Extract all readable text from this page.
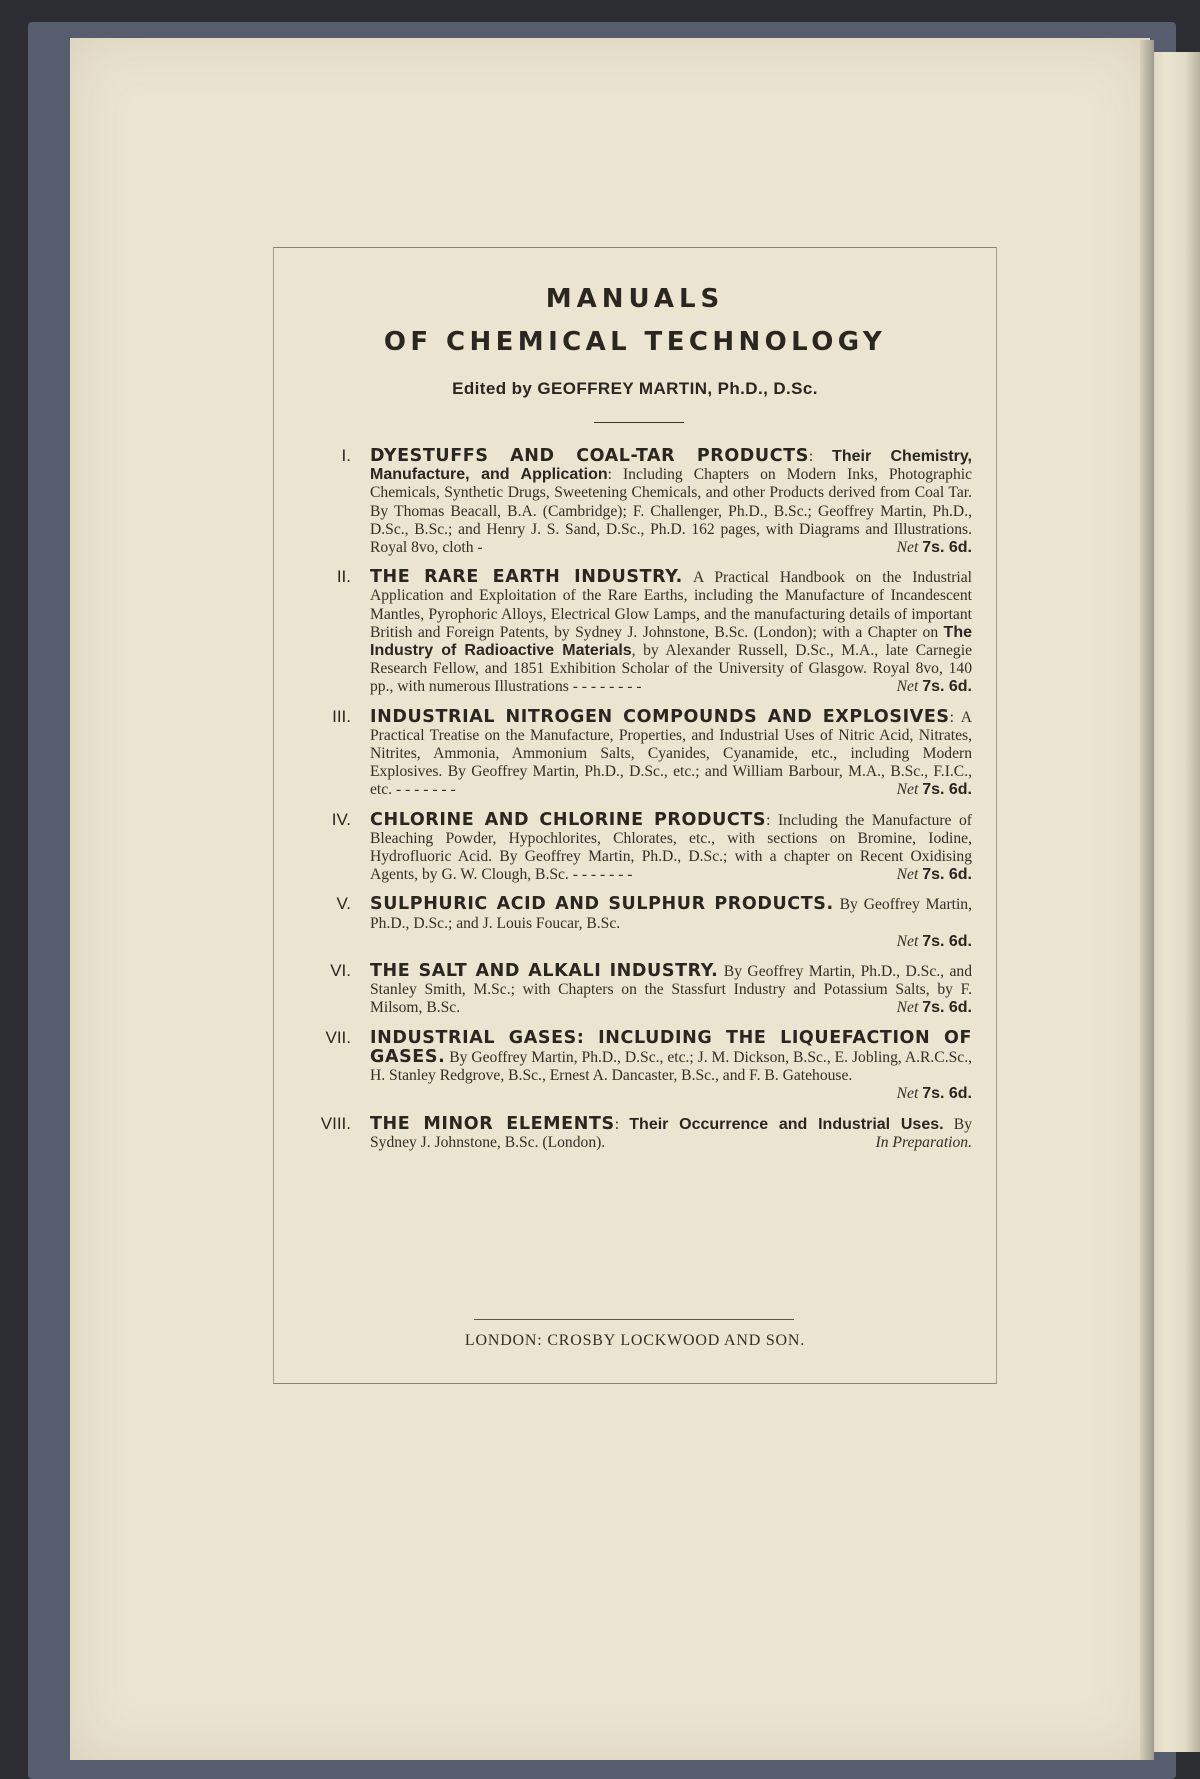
MANUALS
OF CHEMICAL TECHNOLOGY
Edited by GEOFFREY MARTIN, Ph.D., D.Sc.
I. DYESTUFFS AND COAL-TAR PRODUCTS: Their Chemistry, Manufacture, and Application: Including Chapters on Modern Inks, Photographic Chemicals, Synthetic Drugs, Sweetening Chemicals, and other Products derived from Coal Tar. By Thomas Beacall, B.A. (Cambridge); F. Challenger, Ph.D., B.Sc.; Geoffrey Martin, Ph.D., D.Sc., B.Sc.; and Henry J. S. Sand, D.Sc., Ph.D. 162 pages, with Diagrams and Illustrations. Royal 8vo, cloth -	Net 7s. 6d.
II. THE RARE EARTH INDUSTRY. A Practical Handbook on the Industrial Application and Exploitation of the Rare Earths, including the Manufacture of Incandescent Mantles, Pyrophoric Alloys, Electrical Glow Lamps, and the manufacturing details of important British and Foreign Patents, by Sydney J. Johnstone, B.Sc. (London); with a Chapter on The Industry of Radioactive Materials, by Alexander Russell, D.Sc., M.A., late Carnegie Research Fellow, and 1851 Exhibition Scholar of the University of Glasgow. Royal 8vo, 140 pp., with numerous Illustrations - - - - - - - -	Net 7s. 6d.
III. INDUSTRIAL NITROGEN COMPOUNDS AND EXPLOSIVES: A Practical Treatise on the Manufacture, Properties, and Industrial Uses of Nitric Acid, Nitrates, Nitrites, Ammonia, Ammonium Salts, Cyanides, Cyanamide, etc., including Modern Explosives. By Geoffrey Martin, Ph.D., D.Sc., etc.; and William Barbour, M.A., B.Sc., F.I.C., etc. - - - - - - -	Net 7s. 6d.
IV. CHLORINE AND CHLORINE PRODUCTS: Including the Manufacture of Bleaching Powder, Hypochlorites, Chlorates, etc., with sections on Bromine, Iodine, Hydrofluoric Acid. By Geoffrey Martin, Ph.D., D.Sc.; with a chapter on Recent Oxidising Agents, by G. W. Clough, B.Sc. - - - - - - -	Net 7s. 6d.
V. SULPHURIC ACID AND SULPHUR PRODUCTS. By Geoffrey Martin, Ph.D., D.Sc.; and J. Louis Foucar, B.Sc.
Net 7s. 6d.
VI. THE SALT AND ALKALI INDUSTRY. By Geoffrey Martin, Ph.D., D.Sc., and Stanley Smith, M.Sc.; with Chapters on the Stassfurt Industry and Potassium Salts, by F. Milsom, B.Sc.	Net 7s. 6d.
VII. INDUSTRIAL GASES: INCLUDING THE LIQUEFACTION OF GASES. By Geoffrey Martin, Ph.D., D.Sc., etc.; J. M. Dickson, B.Sc., E. Jobling, A.R.C.Sc., H. Stanley Redgrove, B.Sc., Ernest A. Dancaster, B.Sc., and F. B. Gatehouse.
Net 7s. 6d.
VIII. THE MINOR ELEMENTS: Their Occurrence and Industrial Uses. By Sydney J. Johnstone, B.Sc. (London).	In Preparation.
LONDON: CROSBY LOCKWOOD AND SON.
